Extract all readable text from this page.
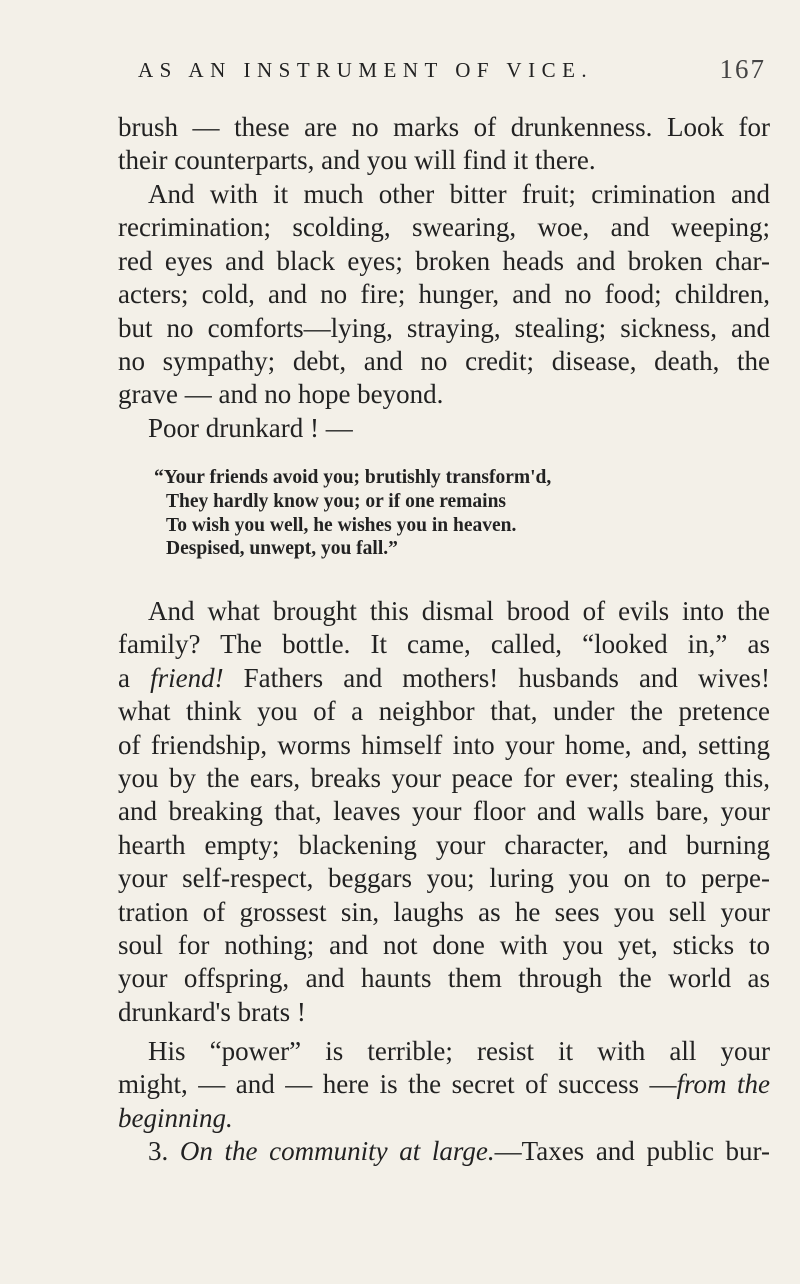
AS AN INSTRUMENT OF VICE.	167
brush — these are no marks of drunkenness. Look for
their counterparts, and you will find it there.
And with it much other bitter fruit; crimination and
recrimination; scolding, swearing, woe, and weeping;
red eyes and black eyes; broken heads and broken char-
acters; cold, and no fire; hunger, and no food; children,
but no comforts—lying, straying, stealing; sickness, and
no sympathy; debt, and no credit; disease, death, the
grave — and no hope beyond.
Poor drunkard ! —
“Your friends avoid you; brutishly transform'd,
They hardly know you; or if one remains
To wish you well, he wishes you in heaven.
Despised, unwept, you fall.”
And what brought this dismal brood of evils into the
family? The bottle. It came, called, “looked in,” as
a friend! Fathers and mothers! husbands and wives!
what think you of a neighbor that, under the pretence
of friendship, worms himself into your home, and, setting
you by the ears, breaks your peace for ever; stealing this,
and breaking that, leaves your floor and walls bare, your
hearth empty; blackening your character, and burning
your self-respect, beggars you; luring you on to perpe-
tration of grossest sin, laughs as he sees you sell your
soul for nothing; and not done with you yet, sticks to
your offspring, and haunts them through the world as
drunkard's brats !
His “power” is terrible; resist it with all your
might, — and — here is the secret of success —from the
beginning.
3. On the community at large.—Taxes and public bur-
